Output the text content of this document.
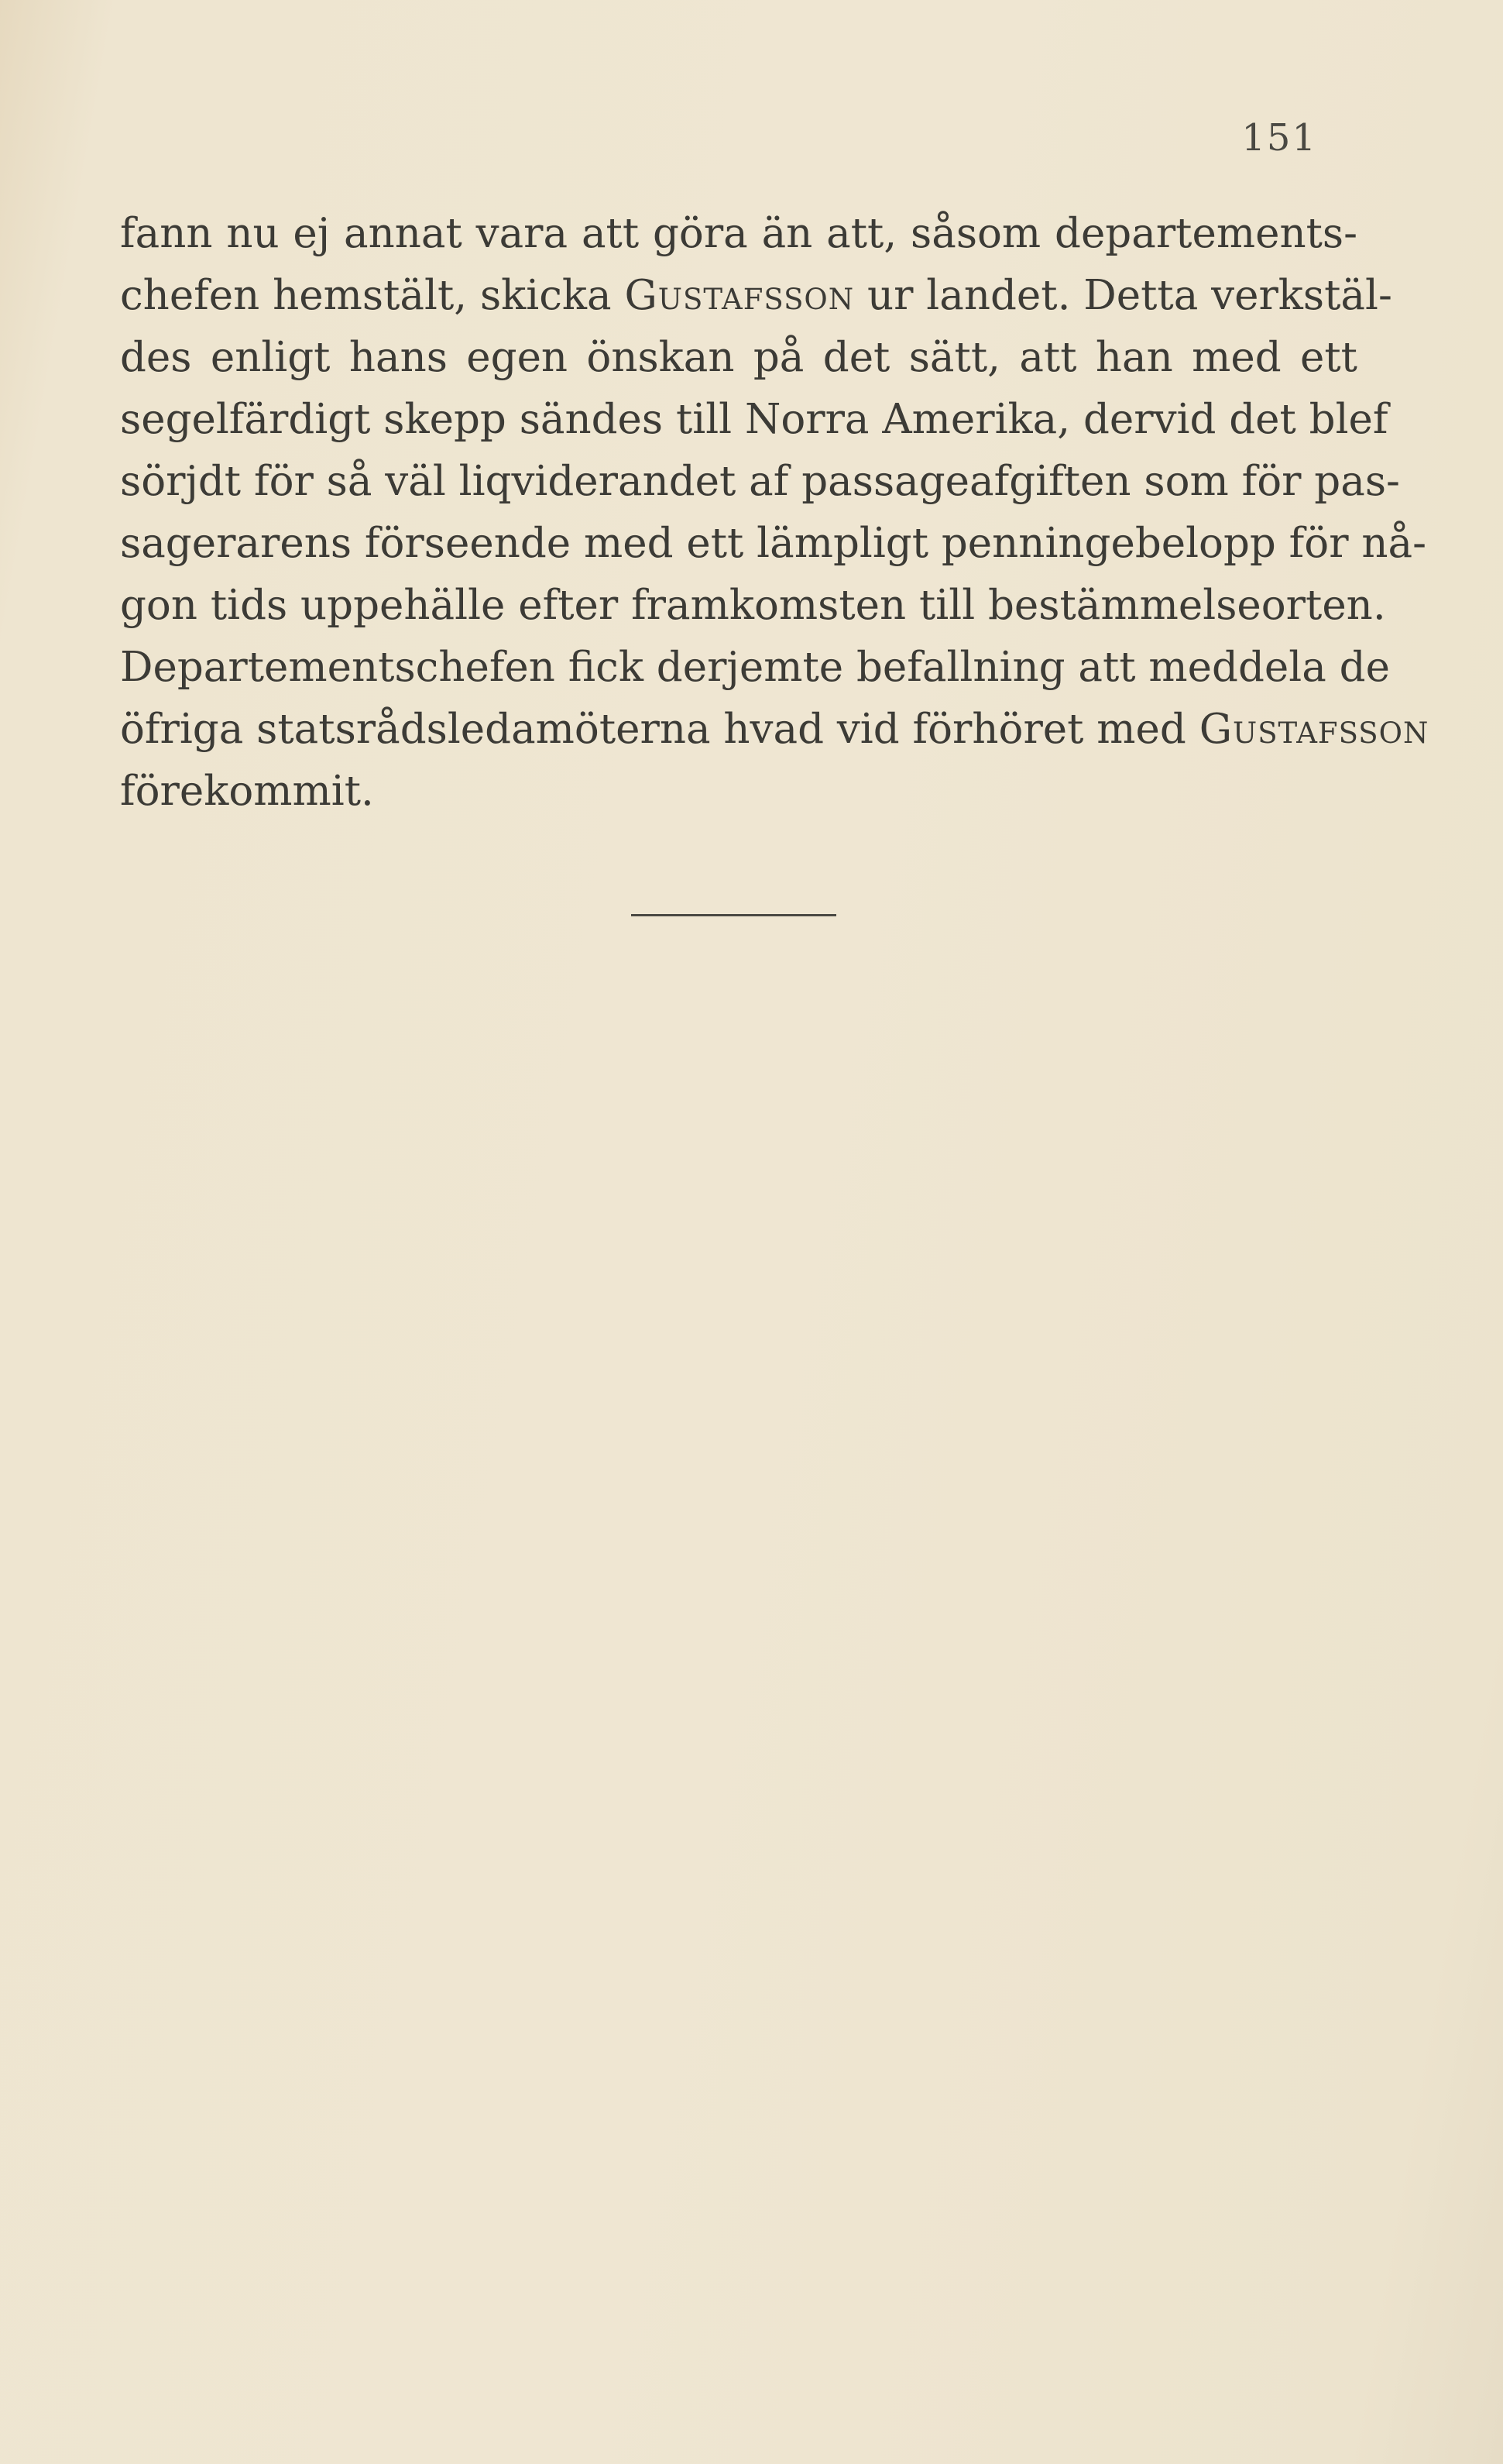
151
fann nu ej annat vara att göra än att, såsom departements-
chefen hemstält, skicka Gustafsson ur landet. Detta verkstäl-
des enligt hans egen önskan på det sätt, att han med ett
segelfärdigt skepp sändes till Norra Amerika, dervid det blef
sörjdt för så väl liqviderandet af passageafgiften som för pas-
sagerarens förseende med ett lämpligt penningebelopp för nå-
gon tids uppehälle efter framkomsten till bestämmelseorten.
Departementschefen fick derjemte befallning att meddela de
öfriga statsrådsledamöterna hvad vid förhöret med Gustafsson
förekommit.
